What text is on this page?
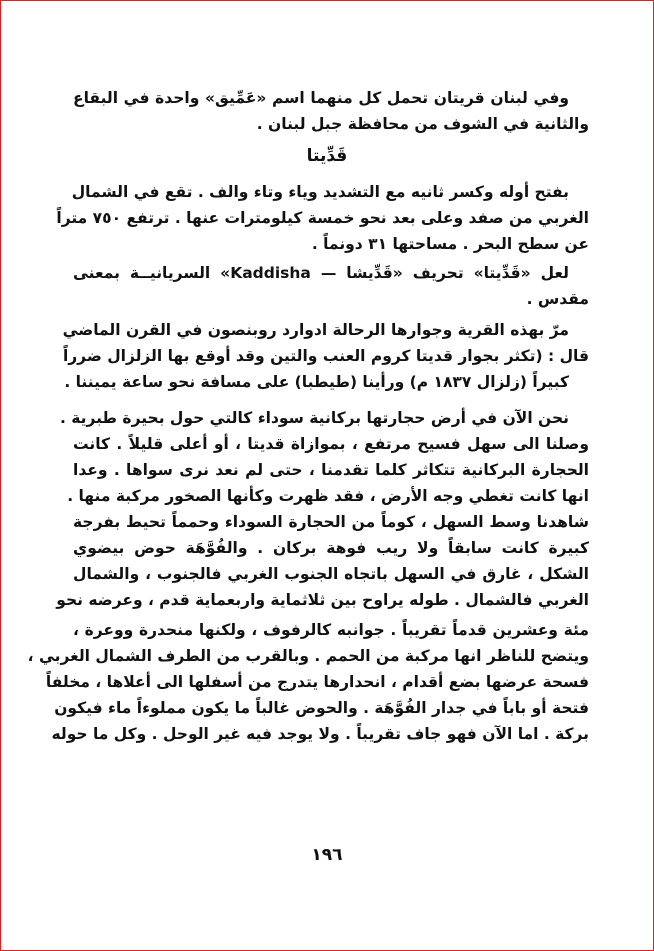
وفي لبنان قريتان تحمل كل منهما اسم «عَمِّيق» واحدة في البقاع
والثانية في الشوف من محافظة جبل لبنان .
قَدِّيتا
بفتح أوله وكسر ثانيه مع التشديد وياء وتاء والف . تقع في الشمال
الغربي من صفد وعلى بعد نحو خمسة كيلومترات عنها . ترتفع ٧٥٠ متراً
عن سطح البحر . مساحتها ٣١ دونماً .
لعل «قَدِّيتا» تحريف «قَدِّيشا — Kaddisha» السريانيــة بمعنى
مقدس .
مرّ بهذه القرية وجوارها الرحالة ادوارد روبنصون في القرن الماضي
قال : (تكثر بجوار قديتا كروم العنب والتين وقد أوقع بها الزلزال ضرراً
كبيراً (زلزال ١٨٣٧ م) ورأينا (طيطبا) على مسافة نحو ساعة يميننا .
نحن الآن في أرض حجارتها بركانية سوداء كالتي حول بحيرة طبرية .
وصلنا الى سهل فسيح مرتفع ، بموازاة قديتا ، أو أعلى قليلاً . كانت
الحجارة البركانية تتكاثر كلما تقدمنا ، حتى لم نعد نرى سواها . وعدا
انها كانت تغطي وجه الأرض ، فقد ظهرت وكأنها الصخور مركبة منها .
شاهدنا وسط السهل ، كوماً من الحجارة السوداء وحمماً تحيط بفرجة
كبيرة كانت سابقاً ولا ريب فوهة بركان . والفُوَّهَة حوض بيضوي
الشكل ، غارق في السهل باتجاه الجنوب الغربي فالجنوب ، والشمال
الغربي فالشمال . طوله يراوح بين ثلاثماية واربعماية قدم ، وعرضه نحو
مئة وعشرين قدماً تقريباً . جوانبه كالرفوف ، ولكنها منحدرة ووعرة ،
ويتضح للناظر انها مركبة من الحمم . وبالقرب من الطرف الشمال الغربي ،
فسحة عرضها بضع أقدام ، انحدارها يتدرج من أسفلها الى أعلاها ، مخلفاً
فتحة أو باباً في جدار الفُوَّهَة . والحوض غالباً ما يكون مملوءاً ماء فيكون
بركة . اما الآن فهو جاف تقريباً . ولا يوجد فيه غير الوحل . وكل ما حوله
١٩٦
